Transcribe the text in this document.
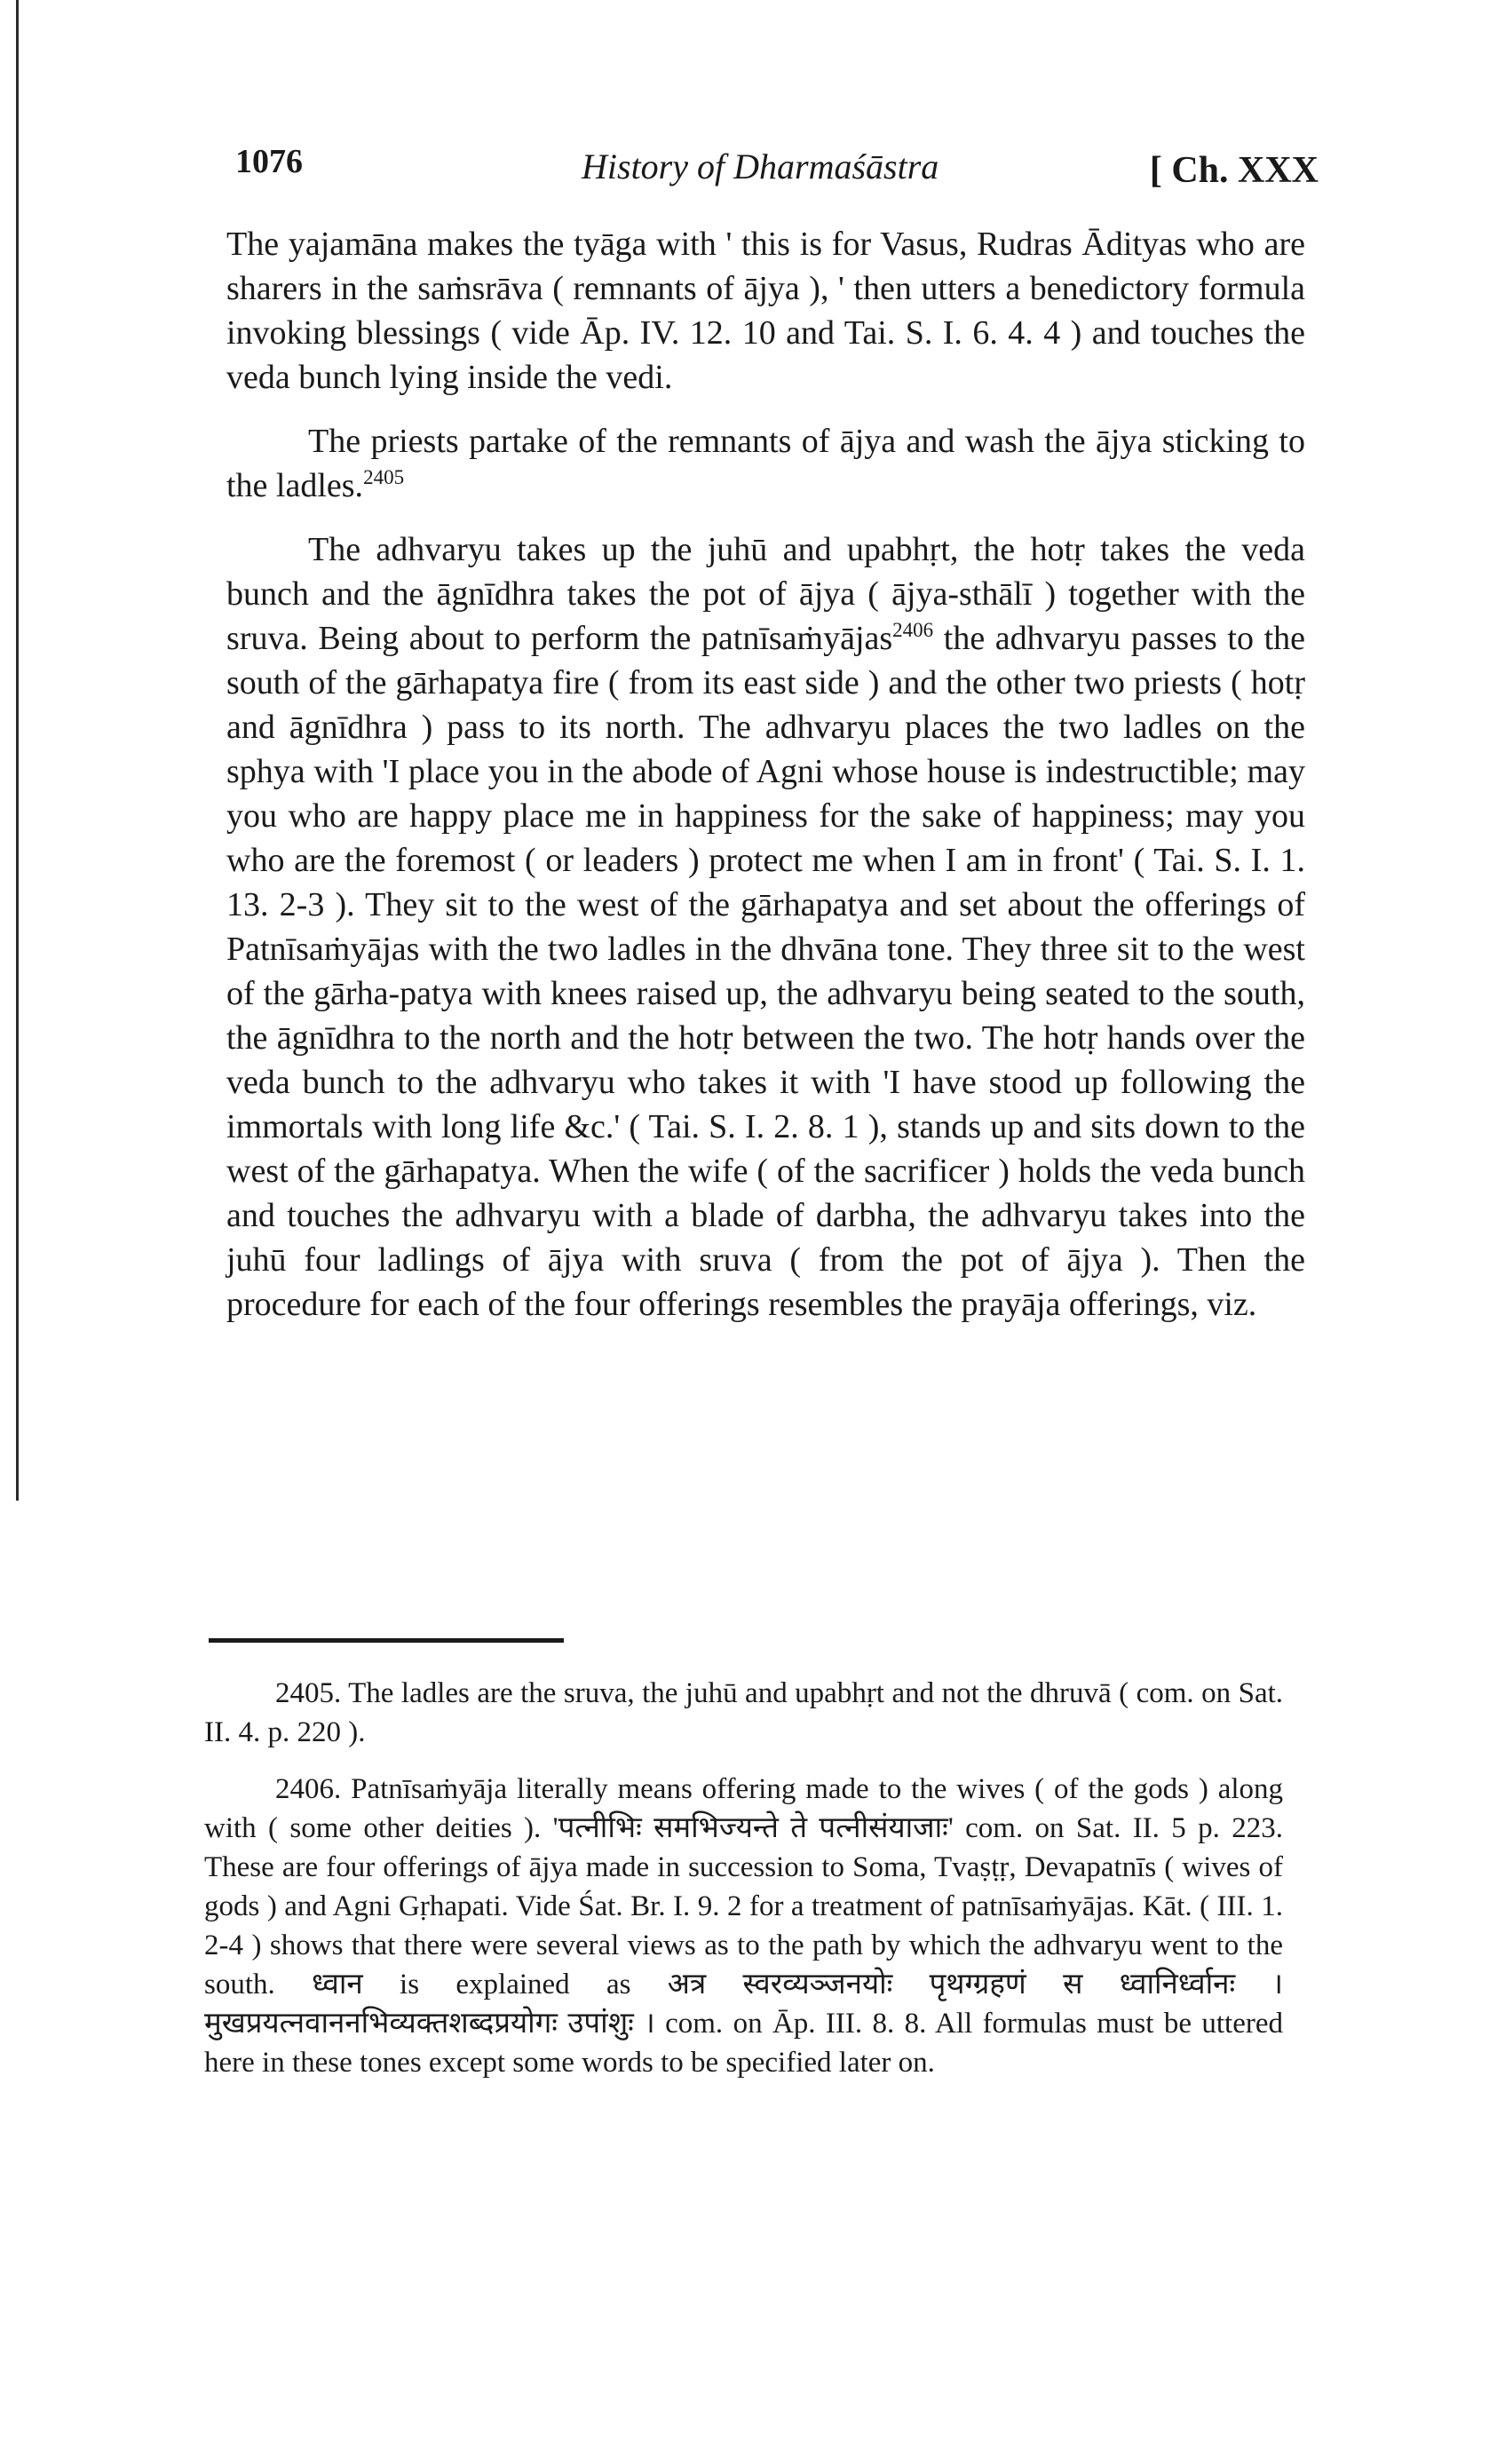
1076	History of Dharmaśāstra	[ Ch. XXX

The yajamāna makes the tyāga with ' this is for Vasus, Rudras Ādityas who are sharers in the saṁsrāva ( remnants of ājya ), ' then utters a benedictory formula invoking blessings ( vide Āp. IV. 12. 10 and Tai. S. I. 6. 4. 4 ) and touches the veda bunch lying inside the vedi.

The priests partake of the remnants of ājya and wash the ājya sticking to the ladles.$^{2405}$

The adhvaryu takes up the juhū and upabhṛt, the hotṛ takes the veda bunch and the āgnīdhra takes the pot of ājya ( ājya-sthālī ) together with the sruva. Being about to perform the patnīsaṁyājas$^{2406}$ the adhvaryu passes to the south of the gārhapatya fire ( from its east side ) and the other two priests ( hotṛ and āgnīdhra ) pass to its north. The adhvaryu places the two ladles on the sphya with 'I place you in the abode of Agni whose house is indestructible; may you who are happy place me in happiness for the sake of happiness; may you who are the foremost ( or leaders ) protect me when I am in front' ( Tai. S. I. 1. 13. 2-3 ). They sit to the west of the gārhapatya and set about the offerings of Patnīsaṁyājas with the two ladles in the dhvāna tone. They three sit to the west of the gārha-patya with knees raised up, the adhvaryu being seated to the south, the āgnīdhra to the north and the hotṛ between the two. The hotṛ hands over the veda bunch to the adhvaryu who takes it with 'I have stood up following the immortals with long life &c.' ( Tai. S. I. 2. 8. 1 ), stands up and sits down to the west of the gārhapatya. When the wife ( of the sacrificer ) holds the veda bunch and touches the adhvaryu with a blade of darbha, the adhvaryu takes into the juhū four ladlings of ājya with sruva ( from the pot of ājya ). Then the procedure for each of the four offerings resembles the prayāja offerings, viz.

2405. The ladles are the sruva, the juhū and upabhṛt and not the dhruvā ( com. on Sat. II. 4. p. 220 ).

2406. Patnīsaṁyāja literally means offering made to the wives ( of the gods ) along with ( some other deities ). 'पत्नीभिः समभिज्यन्ते ते पत्नीसंयाजाः' com. on Sat. II. 5 p. 223. These are four offerings of ājya made in succession to Soma, Tvaṣṭṛ, Devapatnīs ( wives of gods ) and Agni Gṛhapati. Vide Śat. Br. I. 9. 2 for a treatment of patnīsaṁyājas. Kāt. ( III. 1. 2-4 ) shows that there were several views as to the path by which the adhvaryu went to the south. ध्वान is explained as अत्र स्वरव्यञ्जनयोः पृथग्ग्रहणं स ध्वानिर्ध्वानः । मुखप्रयत्नवाननभिव्यक्तशब्दप्रयोगः उपांशुः । com. on Āp. III. 8. 8. All formulas must be uttered here in these tones except some words to be specified later on.
